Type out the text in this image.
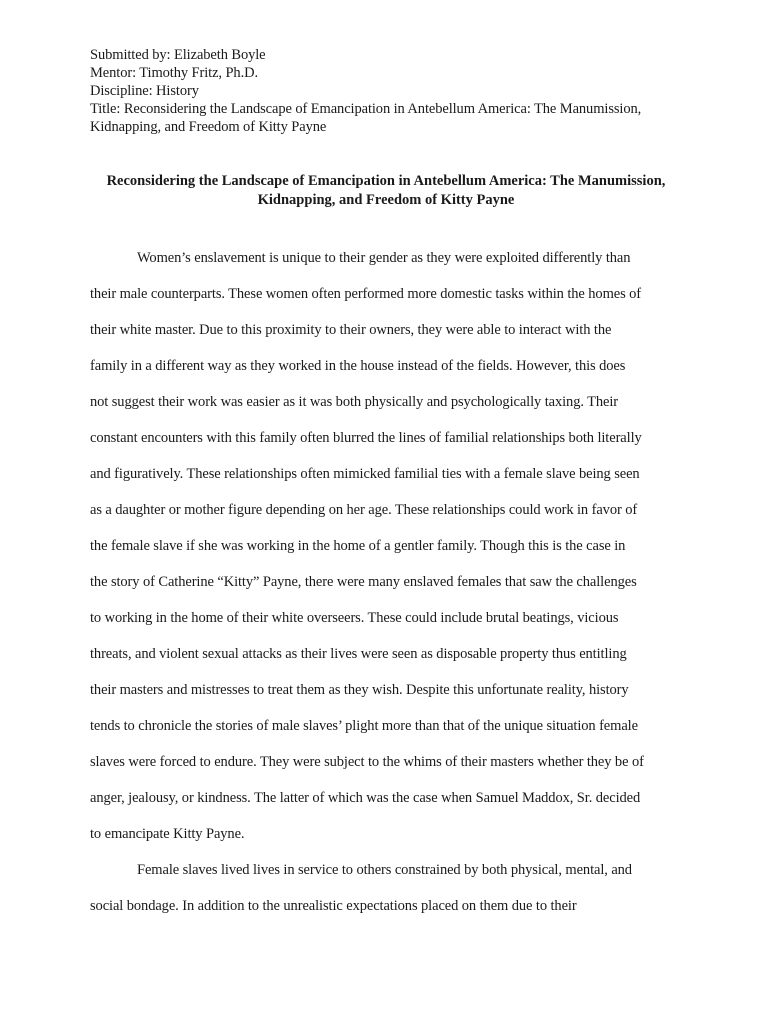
Submitted by: Elizabeth Boyle
Mentor: Timothy Fritz, Ph.D.
Discipline: History
Title: Reconsidering the Landscape of Emancipation in Antebellum America: The Manumission,
Kidnapping, and Freedom of Kitty Payne
Reconsidering the Landscape of Emancipation in Antebellum America: The Manumission,
Kidnapping, and Freedom of Kitty Payne
Women’s enslavement is unique to their gender as they were exploited differently than
their male counterparts. These women often performed more domestic tasks within the homes of
their white master. Due to this proximity to their owners, they were able to interact with the
family in a different way as they worked in the house instead of the fields. However, this does
not suggest their work was easier as it was both physically and psychologically taxing. Their
constant encounters with this family often blurred the lines of familial relationships both literally
and figuratively. These relationships often mimicked familial ties with a female slave being seen
as a daughter or mother figure depending on her age. These relationships could work in favor of
the female slave if she was working in the home of a gentler family. Though this is the case in
the story of Catherine “Kitty” Payne, there were many enslaved females that saw the challenges
to working in the home of their white overseers. These could include brutal beatings, vicious
threats, and violent sexual attacks as their lives were seen as disposable property thus entitling
their masters and mistresses to treat them as they wish. Despite this unfortunate reality, history
tends to chronicle the stories of male slaves’ plight more than that of the unique situation female
slaves were forced to endure. They were subject to the whims of their masters whether they be of
anger, jealousy, or kindness. The latter of which was the case when Samuel Maddox, Sr. decided
to emancipate Kitty Payne.
Female slaves lived lives in service to others constrained by both physical, mental, and
social bondage. In addition to the unrealistic expectations placed on them due to their
